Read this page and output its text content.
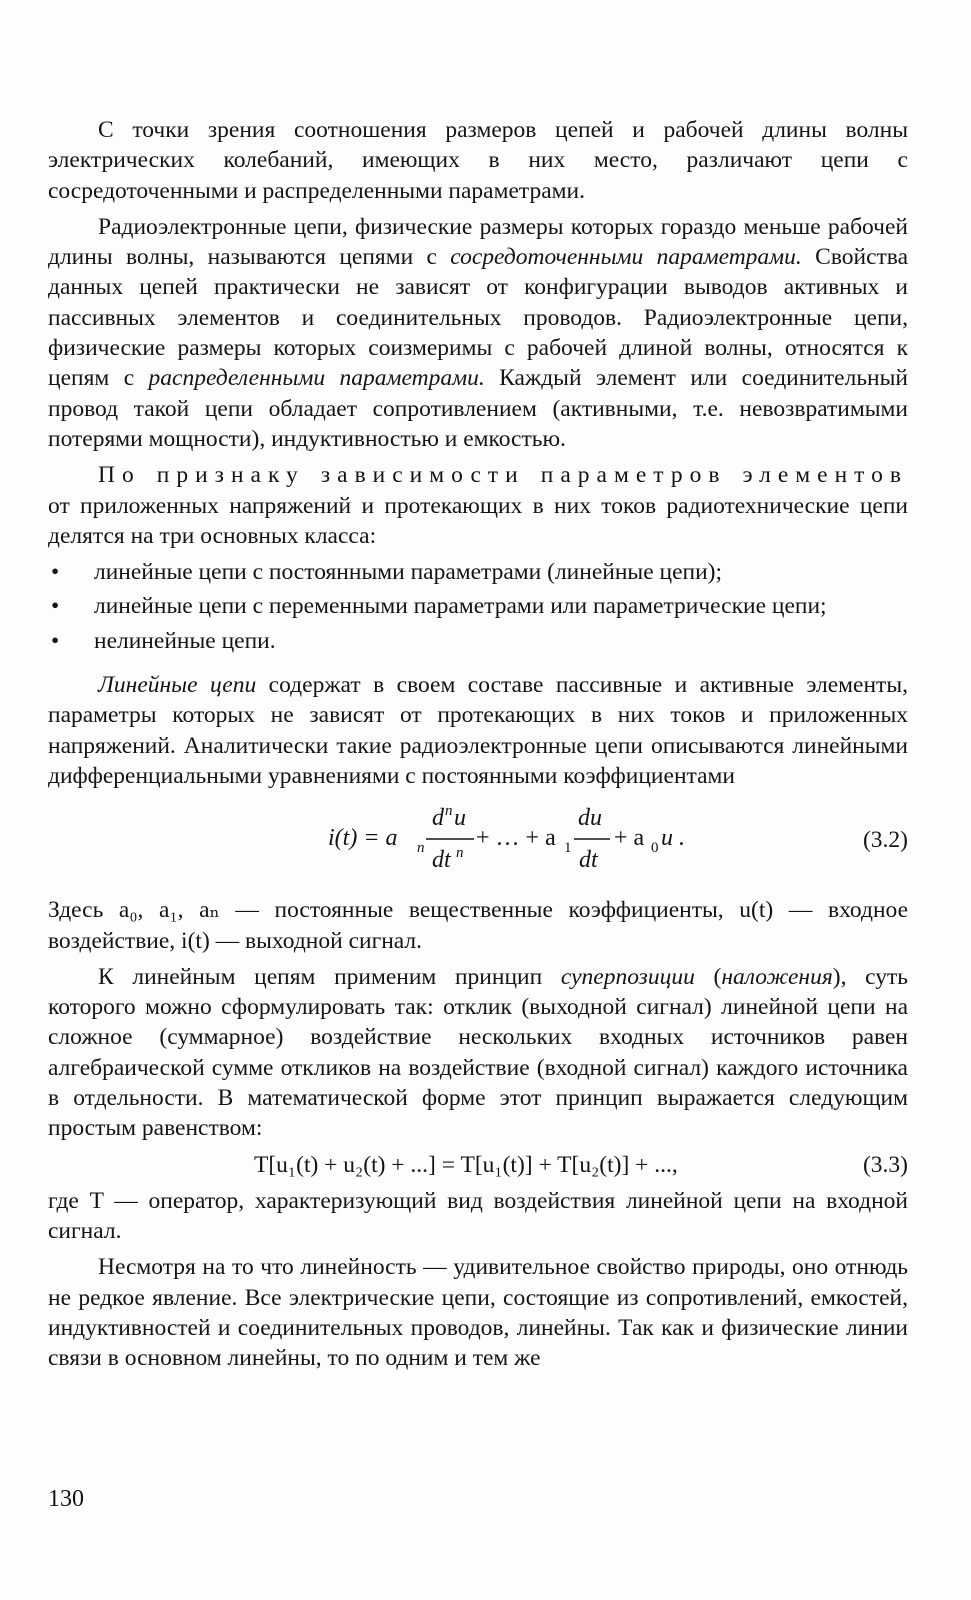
С точки зрения соотношения размеров цепей и рабочей длины волны электрических колебаний, имеющих в них место, различают цепи с сосредоточенными и распределенными параметрами.

Радиоэлектронные цепи, физические размеры которых гораздо меньше рабочей длины волны, называются цепями с сосредоточенными параметрами. Свойства данных цепей практически не зависят от конфигурации выводов активных и пассивных элементов и соединительных проводов. Радиоэлектронные цепи, физические размеры которых соизмеримы с рабочей длиной волны, относятся к цепям с распределенными параметрами. Каждый элемент или соединительный провод такой цепи обладает сопротивлением (активными, т.е. невозвратимыми потерями мощности), индуктивностью и емкостью.

По признаку зависимости параметров элементов от приложенных напряжений и протекающих в них токов радиотехнические цепи делятся на три основных класса:

• линейные цепи с постоянными параметрами (линейные цепи);
• линейные цепи с переменными параметрами или параметрические цепи;
• нелинейные цепи.

Линейные цепи содержат в своем составе пассивные и активные элементы, параметры которых не зависят от протекающих в них токов и приложенных напряжений. Аналитически такие радиоэлектронные цепи описываются линейными дифференциальными уравнениями с постоянными коэффициентами

i(t) = a n
d n u
dt n
+ … + a 1
du
dt
+ a 0 u .	(3.2)

Здесь a₀, a₁, aₙ — постоянные вещественные коэффициенты, u(t) — входное воздействие, i(t) — выходной сигнал.

К линейным цепям применим принцип суперпозиции (наложения), суть которого можно сформулировать так: отклик (выходной сигнал) линейной цепи на сложное (суммарное) воздействие нескольких входных источников равен алгебраической сумме откликов на воздействие (входной сигнал) каждого источника в отдельности. В математической форме этот принцип выражается следующим простым равенством:

T[u₁(t) + u₂(t) + ...] = T[u₁(t)] + T[u₂(t)] + ...,	(3.3)

где T — оператор, характеризующий вид воздействия линейной цепи на входной сигнал.

Несмотря на то что линейность — удивительное свойство природы, оно отнюдь не редкое явление. Все электрические цепи, состоящие из сопротивлений, емкостей, индуктивностей и соединительных проводов, линейны. Так как и физические линии связи в основном линейны, то по одним и тем же

130
